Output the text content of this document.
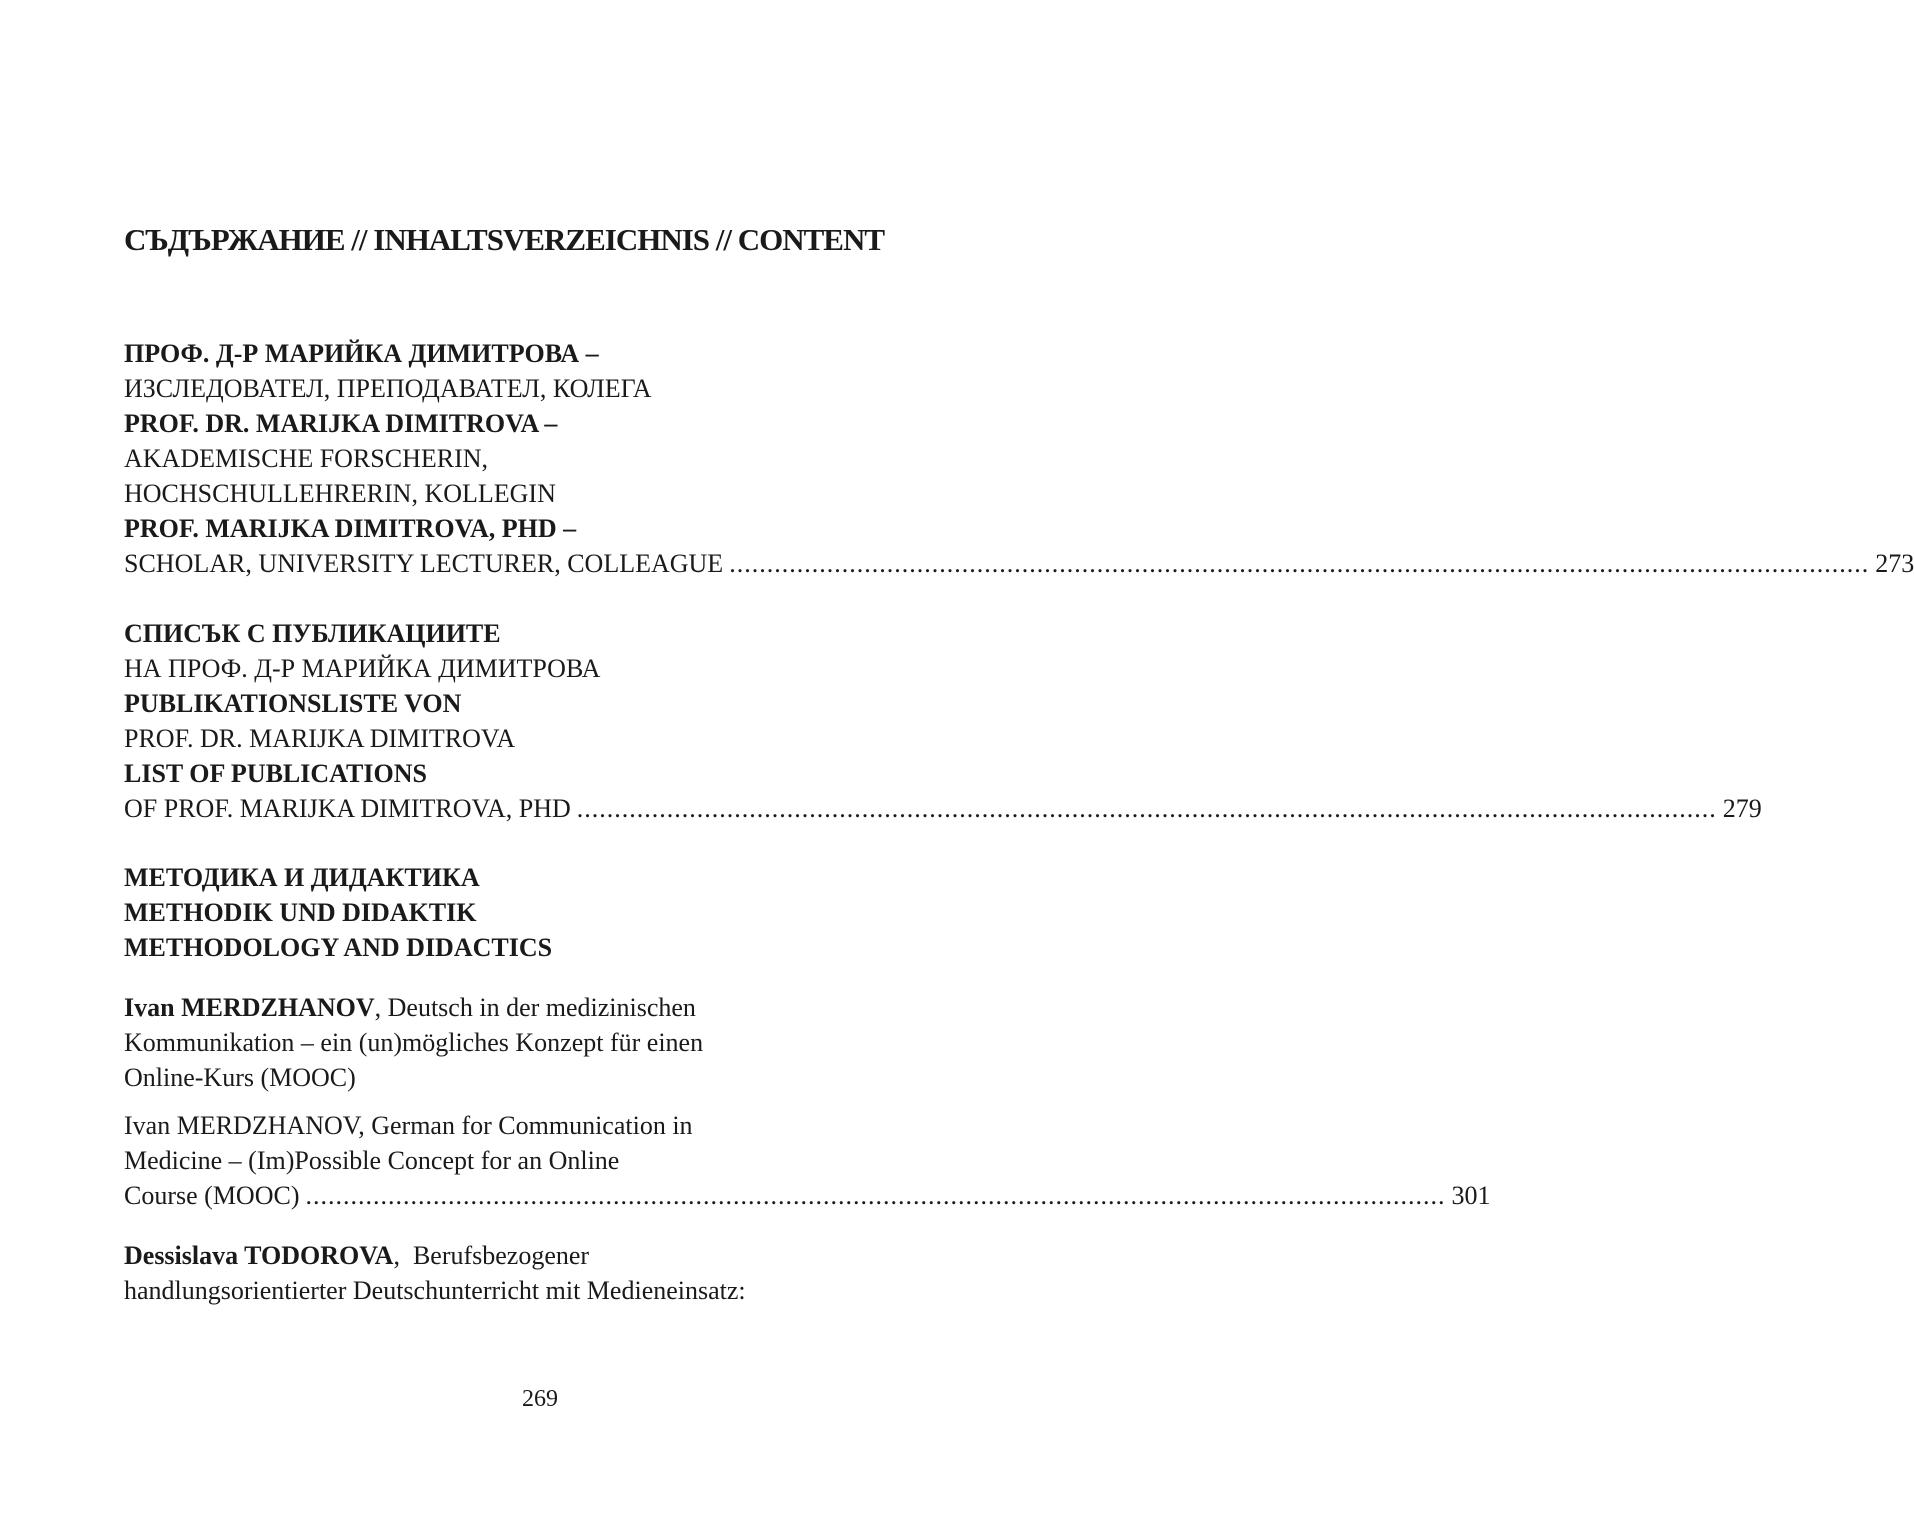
СЪДЪРЖАНИЕ // INHALTSVERZEICHNIS // CONTENT
ПРОФ. Д-Р МАРИЙКА ДИМИТРОВА –
ИЗСЛЕДОВАТЕЛ, ПРЕПОДАВАТЕЛ, КОЛЕГА
PROF. DR. MARIJKA DIMITROVA –
AKADEMISCHE FORSCHERIN,
HOCHSCHULLEHRERIN, KOLLEGIN
PROF. MARIJKA DIMITROVA, PHD –
SCHOLAR, UNIVERSITY LECTURER, COLLEAGUE ........................................................................................................................................................ 273
СПИСЪК С ПУБЛИКАЦИИТЕ
НА ПРОФ. Д-Р МАРИЙКА ДИМИТРОВА
PUBLIKATIONSLISTE VON
PROF. DR. MARIJKA DIMITROVA
LIST OF PUBLICATIONS
OF PROF. MARIJKA DIMITROVA, PHD ........................................................................................................................................................ 279
МЕТОДИКА И ДИДАКТИКА
METHODIK UND DIDAKTIK
METHODOLOGY AND DIDACTICS
Ivan MERDZHANOV, Deutsch in der medizinischen
Kommunikation – ein (un)mögliches Konzept für einen
Online-Kurs (MOOC)
Ivan MERDZHANOV, German for Communication in
Medicine – (Im)Possible Concept for an Online
Course (MOOC) ........................................................................................................................................................ 301
Dessislava TODOROVA,  Berufsbezogener
handlungsorientierter Deutschunterricht mit Medieneinsatz:
269
